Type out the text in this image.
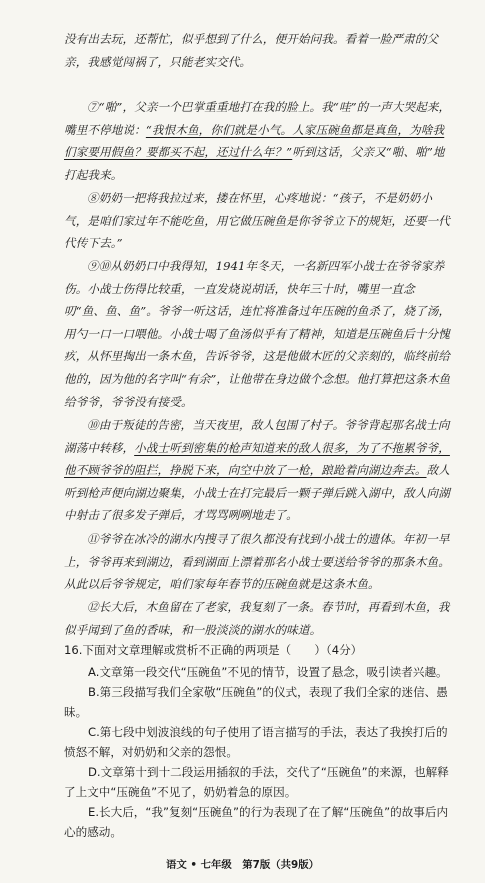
没有出去玩，还帮忙，似乎想到了什么，便开始问我。看着一脸严肃的父亲，我感觉闯祸了，只能老实交代。
⑦“啪”，父亲一个巴掌重重地打在我的脸上。我“哇”的一声大哭起来，嘴里不停地说：“我恨木鱼，你们就是小气。人家压碗鱼都是真鱼，为啥我们家要用假鱼？要都买不起，还过什么年？”听到这话，父亲又“啪、啪”地打起我来。
⑧奶奶一把将我拉过来，搂在怀里，心疼地说：“孩子，不是奶奶小气，是咱们家过年不能吃鱼，用它做压碗鱼是你爷爷立下的规矩，还要一代代传下去。”
⑨⑩从奶奶口中我得知，1941年冬天，一名新四军小战士在爷爷家养伤。小战士伤得比较重，一直发烧说胡话，快年三十时，嘴里一直念叨“鱼、鱼、鱼”。爷爷一听这话，连忙将准备过年压碗的鱼杀了，烧了汤，用勺一口一口喂他。小战士喝了鱼汤似乎有了精神，知道是压碗鱼后十分愧疚，从怀里掏出一条木鱼，告诉爷爷，这是他做木匠的父亲刻的，临终前给他的，因为他的名字叫“有余”，让他带在身边做个念想。他打算把这条木鱼给爷爷，爷爷没有接受。
⑩由于叛徒的告密，当天夜里，敌人包围了村子。爷爷背起那名战士向湖荡中转移，小战士听到密集的枪声知道来的敌人很多，为了不拖累爷爷，他不顾爷爷的阻拦，挣脱下来，向空中放了一枪，踉跄着向湖边奔去。敌人听到枪声便向湖边聚集，小战士在打完最后一颗子弹后跳入湖中，敌人向湖中射击了很多发子弹后，才骂骂咧咧地走了。
⑪爷爷在冰冷的湖水内搜寻了很久都没有找到小战士的遗体。年初一早上，爷爷再来到湖边，看到湖面上漂着那名小战士要送给爷爷的那条木鱼。从此以后爷爷规定，咱们家每年春节的压碗鱼就是这条木鱼。
⑫长大后，木鱼留在了老家，我复刻了一条。春节时，再看到木鱼，我似乎闻到了鱼的香味，和一股淡淡的湖水的味道。
16.下面对文章理解或赏析不正确的两项是（　　）（4分）
A.文章第一段交代“压碗鱼”不见的情节，设置了悬念，吸引读者兴趣。
B.第三段描写我们全家敬“压碗鱼”的仪式，表现了我们全家的迷信、愚昧。
C.第七段中划波浪线的句子使用了语言描写的手法，表达了我挨打后的愤怒不解，对奶奶和父亲的怨恨。
D.文章第十到十二段运用插叙的手法，交代了“压碗鱼”的来源，也解释了上文中“压碗鱼”不见了，奶奶着急的原因。
语文 • 七年级　第7版（共9版）
E.长大后，“我”复刻“压碗鱼”的行为表现了在了解“压碗鱼”的故事后内心的感动。
